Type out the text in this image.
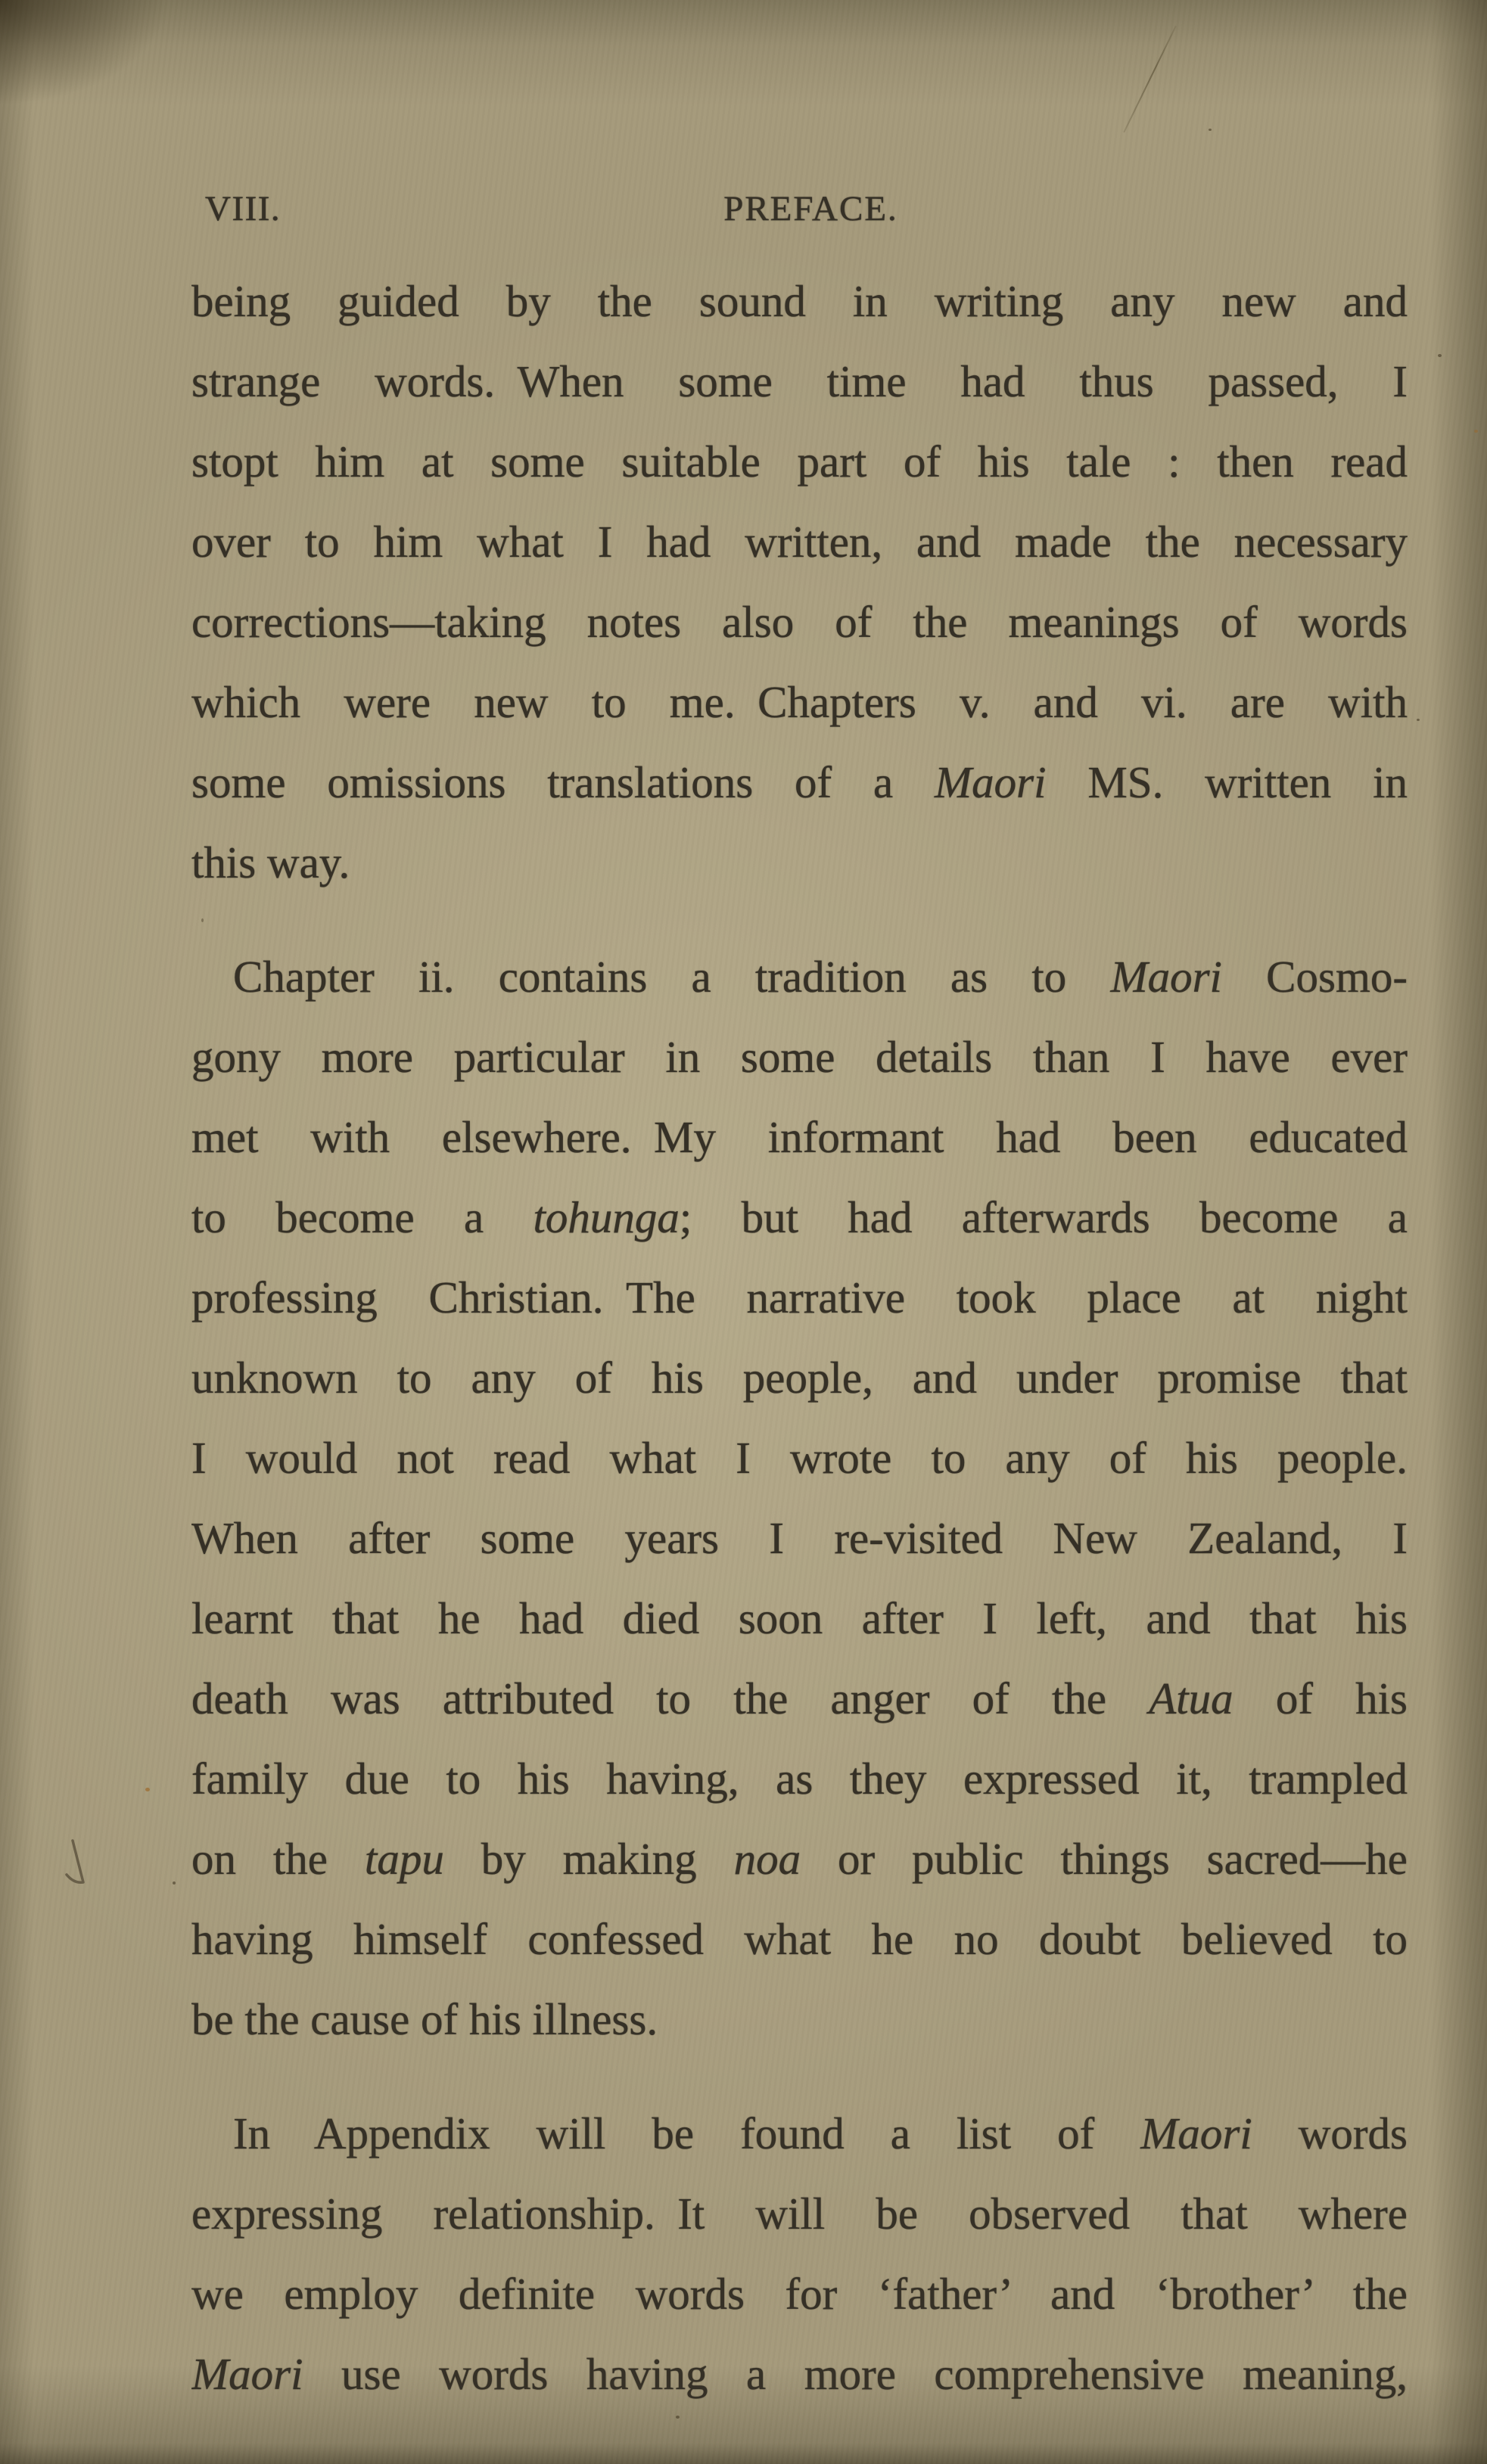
VIII.	PREFACE.
being guided by the sound in writing any new and
strange words. When some time had thus passed, I
stopt him at some suitable part of his tale : then read
over to him what I had written, and made the necessary
corrections—taking notes also of the meanings of words
which were new to me. Chapters v. and vi. are with
some omissions translations of a Maori MS. written in
this way.
Chapter ii. contains a tradition as to Maori Cosmo-
gony more particular in some details than I have ever
met with elsewhere. My informant had been educated
to become a tohunga; but had afterwards become a
professing Christian. The narrative took place at night
unknown to any of his people, and under promise that
I would not read what I wrote to any of his people.
When after some years I re-visited New Zealand, I
learnt that he had died soon after I left, and that his
death was attributed to the anger of the Atua of his
family due to his having, as they expressed it, trampled
on the tapu by making noa or public things sacred—he
having himself confessed what he no doubt believed to
be the cause of his illness.
In Appendix will be found a list of Maori words
expressing relationship. It will be observed that where
we employ definite words for ‘father’ and ‘brother’ the
Maori use words having a more comprehensive meaning,
